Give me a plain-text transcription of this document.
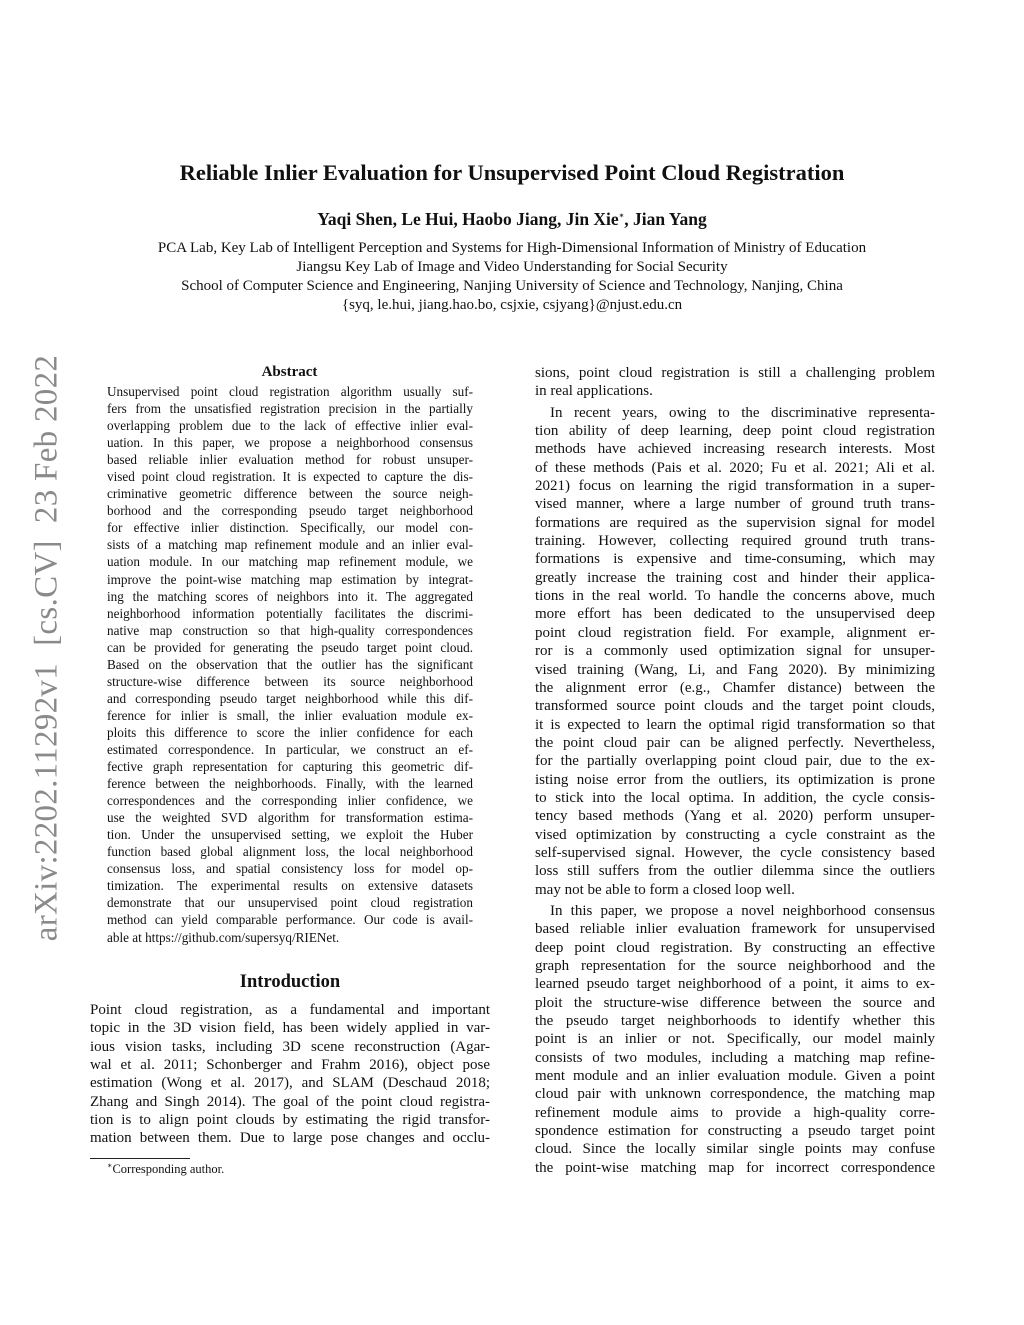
arXiv:2202.11292v1  [cs.CV]  23 Feb 2022
Reliable Inlier Evaluation for Unsupervised Point Cloud Registration
Yaqi Shen, Le Hui, Haobo Jiang, Jin Xie∗, Jian Yang
PCA Lab, Key Lab of Intelligent Perception and Systems for High-Dimensional Information of Ministry of Education
Jiangsu Key Lab of Image and Video Understanding for Social Security
School of Computer Science and Engineering, Nanjing University of Science and Technology, Nanjing, China
{syq, le.hui, jiang.hao.bo, csjxie, csjyang}@njust.edu.cn
Abstract
Unsupervised point cloud registration algorithm usually suf-
fers from the unsatisfied registration precision in the partially
overlapping problem due to the lack of effective inlier eval-
uation. In this paper, we propose a neighborhood consensus
based reliable inlier evaluation method for robust unsuper-
vised point cloud registration. It is expected to capture the dis-
criminative geometric difference between the source neigh-
borhood and the corresponding pseudo target neighborhood
for effective inlier distinction. Specifically, our model con-
sists of a matching map refinement module and an inlier eval-
uation module. In our matching map refinement module, we
improve the point-wise matching map estimation by integrat-
ing the matching scores of neighbors into it. The aggregated
neighborhood information potentially facilitates the discrimi-
native map construction so that high-quality correspondences
can be provided for generating the pseudo target point cloud.
Based on the observation that the outlier has the significant
structure-wise difference between its source neighborhood
and corresponding pseudo target neighborhood while this dif-
ference for inlier is small, the inlier evaluation module ex-
ploits this difference to score the inlier confidence for each
estimated correspondence. In particular, we construct an ef-
fective graph representation for capturing this geometric dif-
ference between the neighborhoods. Finally, with the learned
correspondences and the corresponding inlier confidence, we
use the weighted SVD algorithm for transformation estima-
tion. Under the unsupervised setting, we exploit the Huber
function based global alignment loss, the local neighborhood
consensus loss, and spatial consistency loss for model op-
timization. The experimental results on extensive datasets
demonstrate that our unsupervised point cloud registration
method can yield comparable performance. Our code is avail-
able at https://github.com/supersyq/RIENet.
Introduction
Point cloud registration, as a fundamental and important
topic in the 3D vision field, has been widely applied in var-
ious vision tasks, including 3D scene reconstruction (Agar-
wal et al. 2011; Schonberger and Frahm 2016), object pose
estimation (Wong et al. 2017), and SLAM (Deschaud 2018;
Zhang and Singh 2014). The goal of the point cloud registra-
tion is to align point clouds by estimating the rigid transfor-
mation between them. Due to large pose changes and occlu-
∗Corresponding author.
sions, point cloud registration is still a challenging problem
in real applications.
In recent years, owing to the discriminative representa-
tion ability of deep learning, deep point cloud registration
methods have achieved increasing research interests. Most
of these methods (Pais et al. 2020; Fu et al. 2021; Ali et al.
2021) focus on learning the rigid transformation in a super-
vised manner, where a large number of ground truth trans-
formations are required as the supervision signal for model
training. However, collecting required ground truth trans-
formations is expensive and time-consuming, which may
greatly increase the training cost and hinder their applica-
tions in the real world. To handle the concerns above, much
more effort has been dedicated to the unsupervised deep
point cloud registration field. For example, alignment er-
ror is a commonly used optimization signal for unsuper-
vised training (Wang, Li, and Fang 2020). By minimizing
the alignment error (e.g., Chamfer distance) between the
transformed source point clouds and the target point clouds,
it is expected to learn the optimal rigid transformation so that
the point cloud pair can be aligned perfectly. Nevertheless,
for the partially overlapping point cloud pair, due to the ex-
isting noise error from the outliers, its optimization is prone
to stick into the local optima. In addition, the cycle consis-
tency based methods (Yang et al. 2020) perform unsuper-
vised optimization by constructing a cycle constraint as the
self-supervised signal. However, the cycle consistency based
loss still suffers from the outlier dilemma since the outliers
may not be able to form a closed loop well.
In this paper, we propose a novel neighborhood consensus
based reliable inlier evaluation framework for unsupervised
deep point cloud registration. By constructing an effective
graph representation for the source neighborhood and the
learned pseudo target neighborhood of a point, it aims to ex-
ploit the structure-wise difference between the source and
the pseudo target neighborhoods to identify whether this
point is an inlier or not. Specifically, our model mainly
consists of two modules, including a matching map refine-
ment module and an inlier evaluation module. Given a point
cloud pair with unknown correspondence, the matching map
refinement module aims to provide a high-quality corre-
spondence estimation for constructing a pseudo target point
cloud. Since the locally similar single points may confuse
the point-wise matching map for incorrect correspondence
